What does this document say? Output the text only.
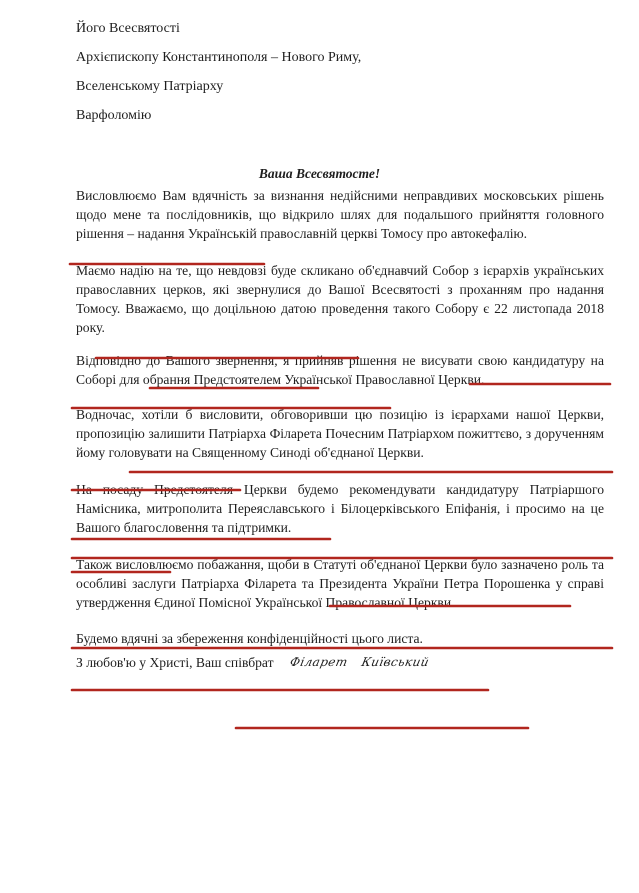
Його Всесвятості
Архієпископу Константинополя – Нового Риму,
Вселенському Патріарху
Варфоломію
Ваша Всесвятосте!

Висловлюємо Вам вдячність за визнання недійсними неправдивих московських рішень щодо мене та послідовників, що відкрило шлях для подальшого прийняття головного рішення – надання Українській православній церкві Томосу про автокефалію.

Маємо надію на те, що невдовзі буде скликано об'єднавчий Собор з ієрархів українських православних церков, які звернулися до Вашої Всесвятості з проханням про надання Томосу. Вважаємо, що доцільною датою проведення такого Собору є 22 листопада 2018 року.

Відповідно до Вашого звернення, я прийняв рішення не висувати свою кандидатуру на Соборі для обрання Предстоятелем Української Православної Церкви.

Водночас, хотіли б висловити, обговоривши цю позицію із ієрархами нашої Церкви, пропозицію залишити Патріарха Філарета Почесним Патріархом пожиттєво, з дорученням йому головувати на Священному Синоді об'єднаної Церкви.

На посаду Предстоятеля Церкви будемо рекомендувати кандидатуру Патріаршого Намісника, митрополита Переяславського і Білоцерківського Епіфанія, і просимо на це Вашого благословення та підтримки.

Також висловлюємо побажання, щоби в Статуті об'єднаної Церкви було зазначено роль та особливі заслуги Патріарха Філарета та Президента України Петра Порошенка у справі утвердження Єдиної Помісної Української Православної Церкви.

Будемо вдячні за збереження конфіденційності цього листа.

З любов'ю у Христі, Ваш співбрат Філарет Київський
